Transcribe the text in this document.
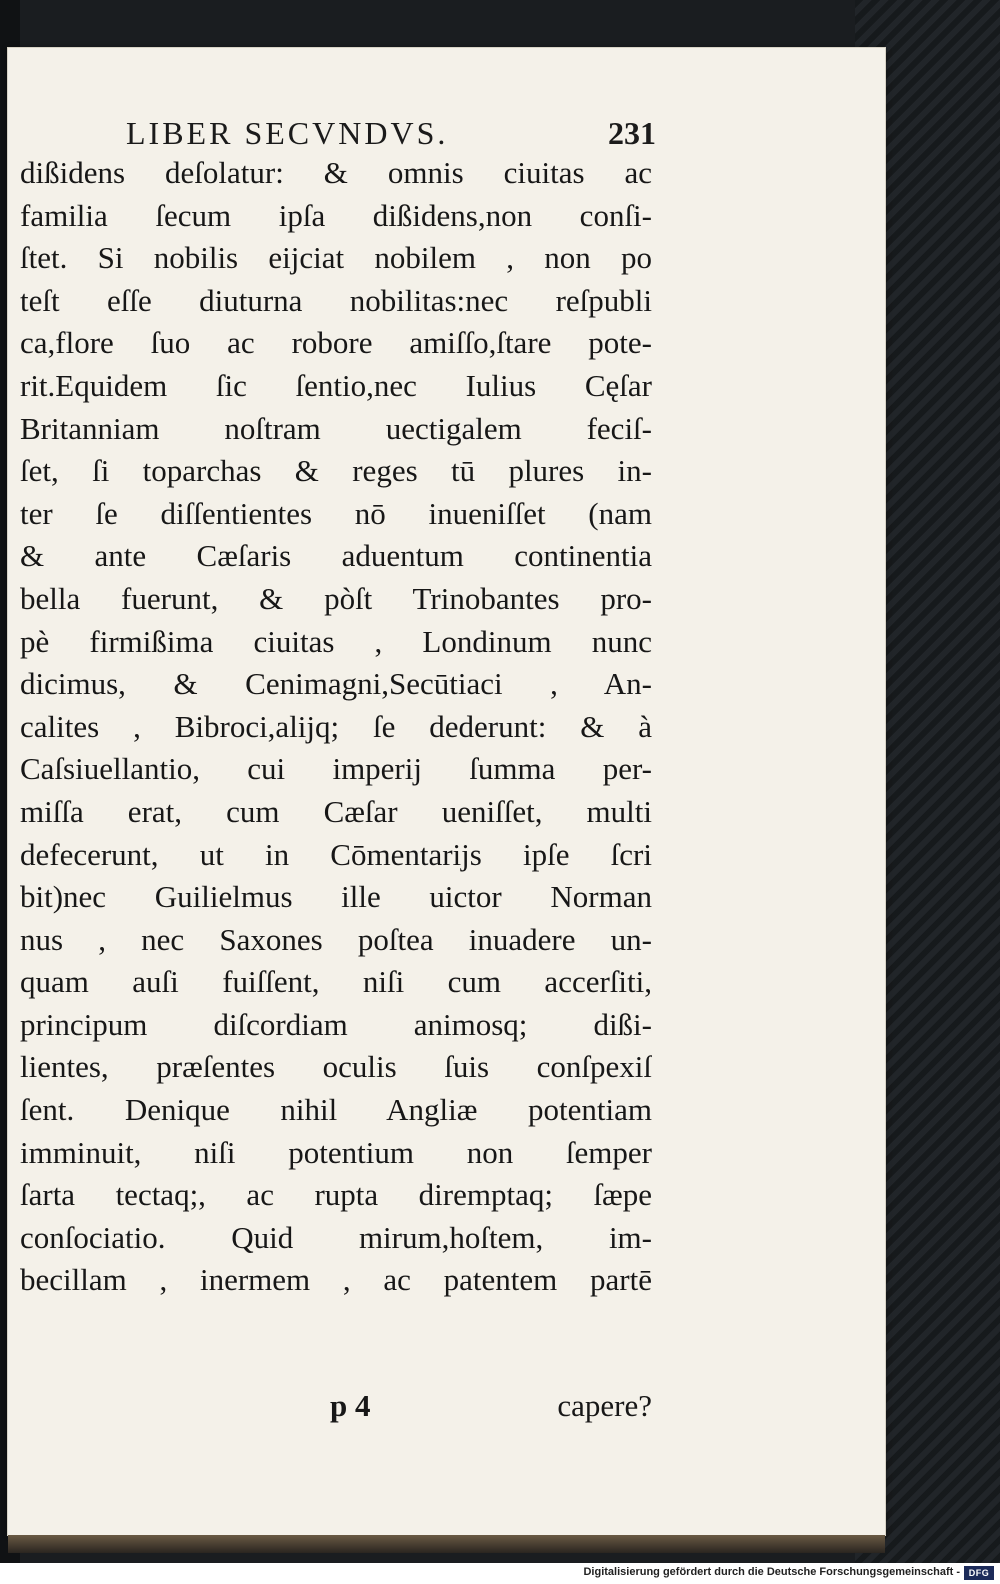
LIBER SECVNDVS.	231
dißidens deſolatur: & omnis ciuitas ac
familia ſecum ipſa dißidens,non conſi-
ſtet. Si nobilis eijciat nobilem , non po
teſt eſſe diuturna nobilitas:nec reſpubli
ca,flore ſuo ac robore amiſſo,ſtare pote-
rit.Equidem ſic ſentio,nec Iulius Cęſar
Britanniam noſtram uectigalem feciſ-
ſet, ſi toparchas & reges tū plures in-
ter ſe diſſentientes nō inueniſſet (nam
& ante Cæſaris aduentum continentia
bella fuerunt, & pòſt Trinobantes pro-
pè firmißima ciuitas , Londinum nunc
dicimus, & Cenimagni,Secūtiaci , An-
calites , Bibroci,alijq; ſe dederunt: & à
Caſsiuellantio, cui imperij ſumma per-
miſſa erat, cum Cæſar ueniſſet, multi
defecerunt, ut in Cōmentarijs ipſe ſcri
bit)nec Guilielmus ille uictor Norman
nus , nec Saxones poſtea inuadere un-
quam auſi fuiſſent, niſi cum accerſiti,
principum diſcordiam animosq; dißi-
lientes, præſentes oculis ſuis conſpexiſ
ſent. Denique nihil Angliæ potentiam
imminuit, niſi potentium non ſemper
ſarta tectaq;, ac rupta diremptaq; ſæpe
conſociatio. Quid mirum,hoſtem, im-
becillam , inermem , ac patentem partē
p 4	capere?
Digitalisierung gefördert durch die Deutsche Forschungsgemeinschaft - DFG
